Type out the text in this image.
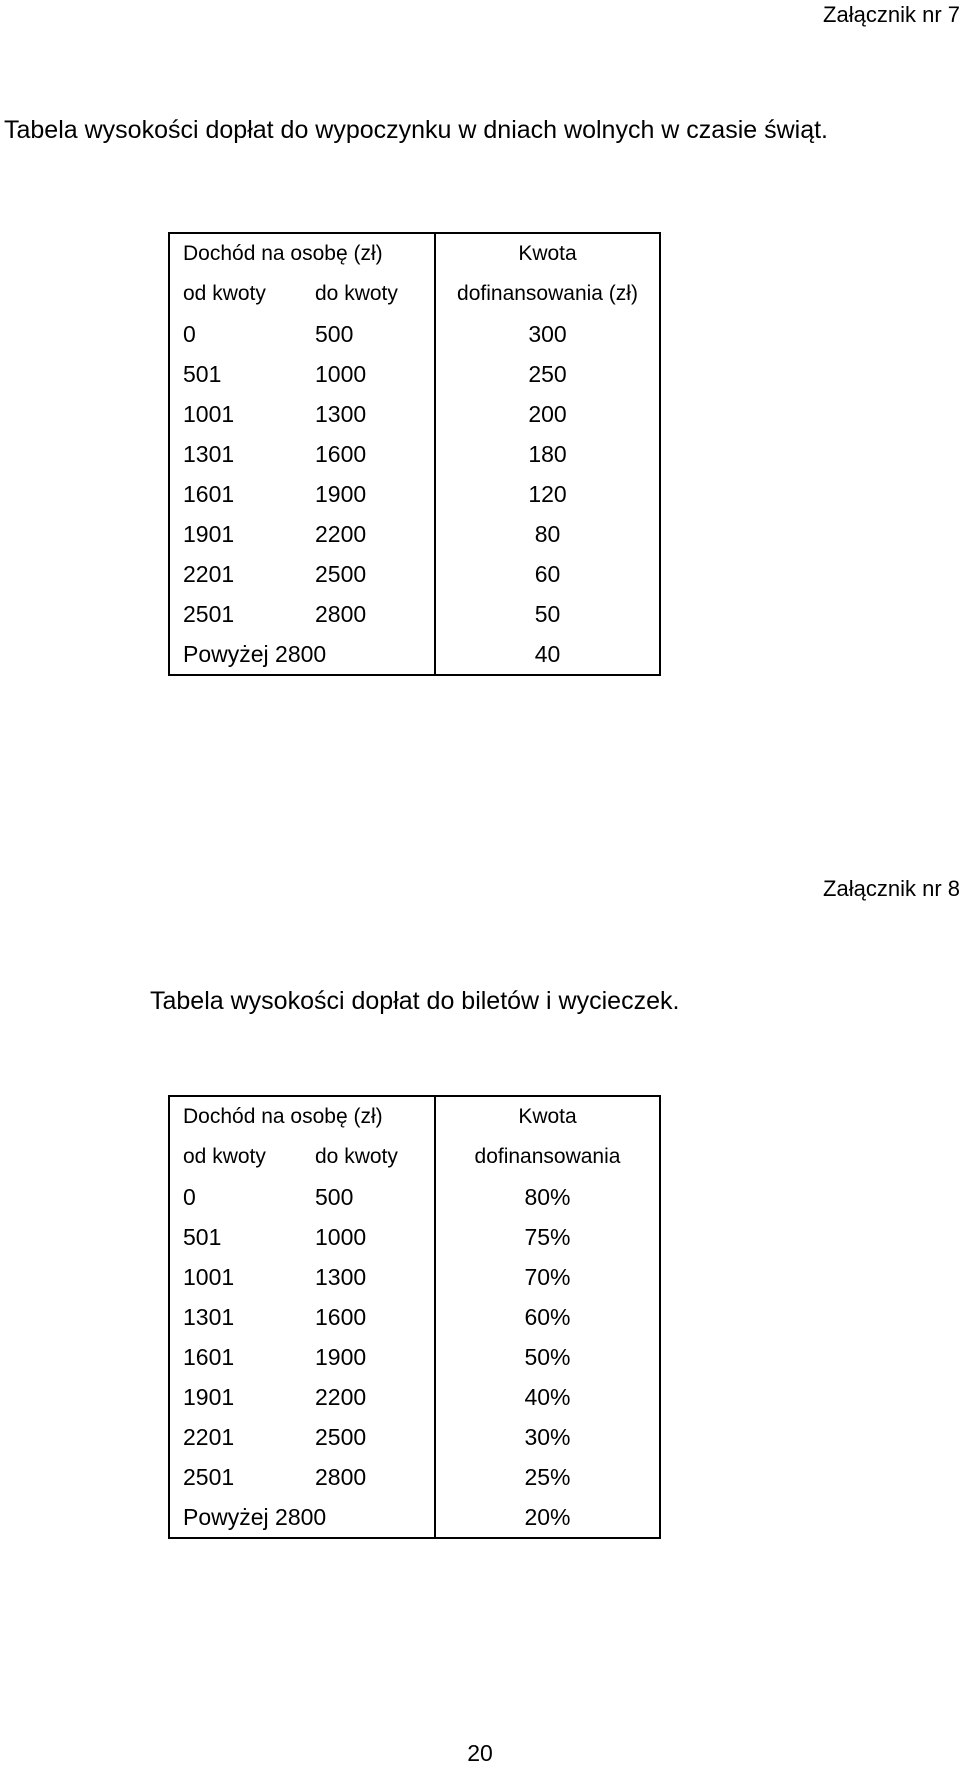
Załącznik nr 7
Tabela wysokości dopłat do wypoczynku w dniach wolnych w czasie świąt.
Dochód na osobę (zł)		Kwota
od kwoty	do kwoty	dofinansowania (zł)
0	500	300
501	1000	250
1001	1300	200
1301	1600	180
1601	1900	120
1901	2200	80
2201	2500	60
2501	2800	50
Powyżej 2800		40
Załącznik nr 8
Tabela wysokości dopłat do biletów i wycieczek.
Dochód na osobę (zł)		Kwota
od kwoty	do kwoty	dofinansowania
0	500	80%
501	1000	75%
1001	1300	70%
1301	1600	60%
1601	1900	50%
1901	2200	40%
2201	2500	30%
2501	2800	25%
Powyżej 2800		20%
20
